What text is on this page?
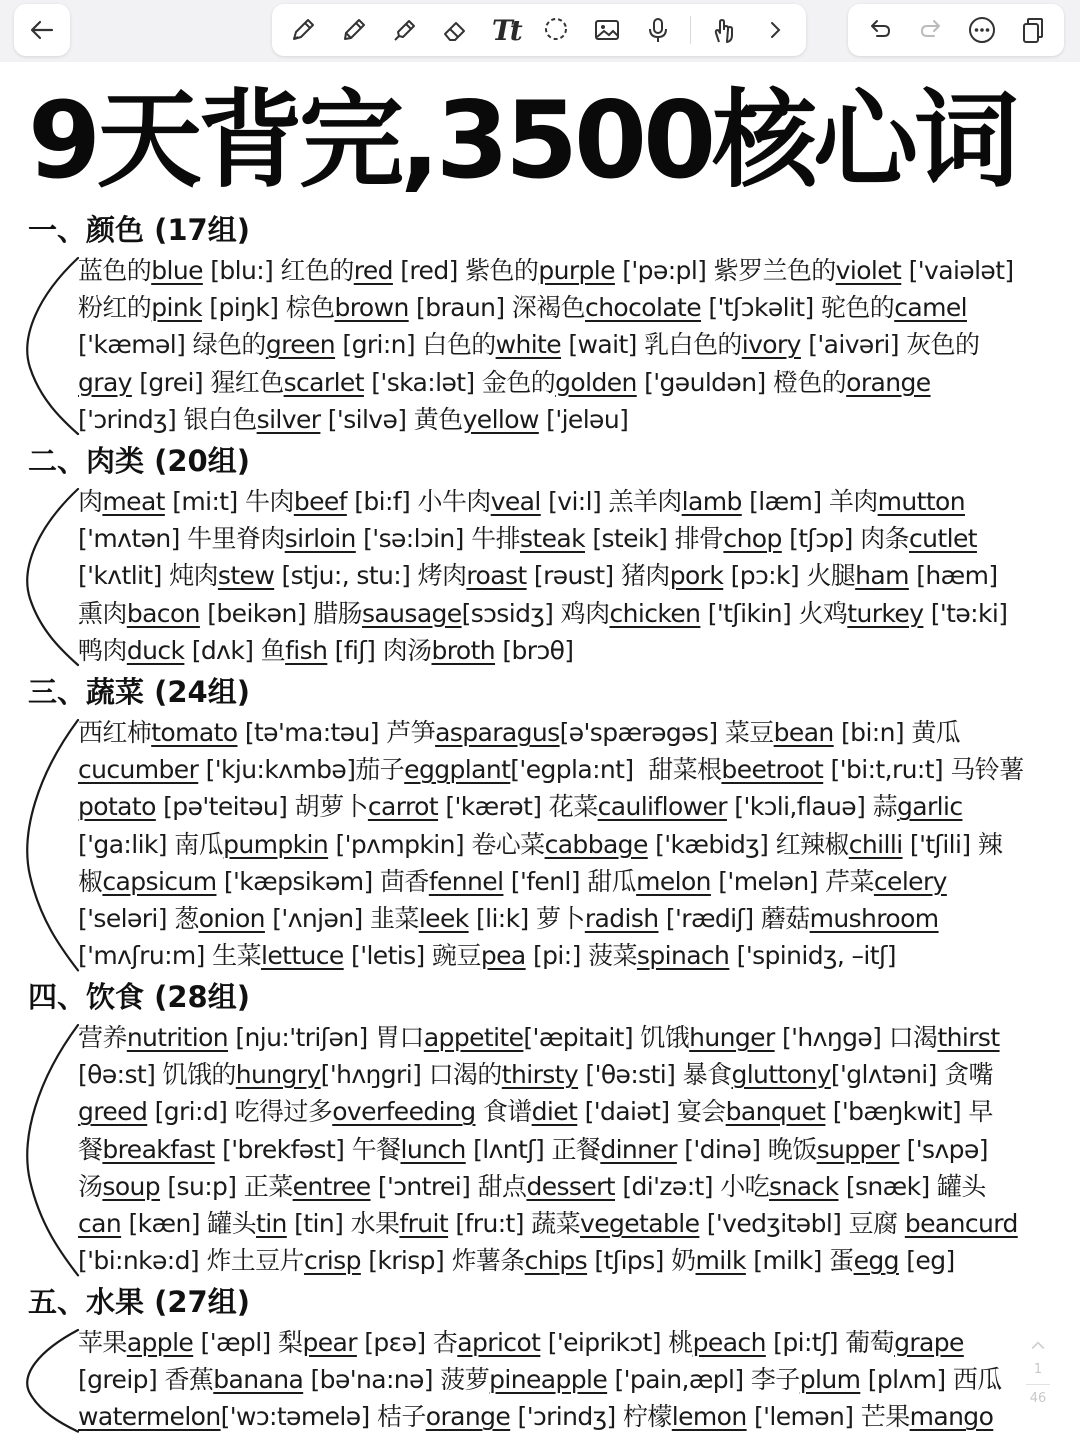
Tt
9天背完,3500核心词
一、颜色 (17组)
蓝色的blue [blu:] 红色的red [red] 紫色的purple ['pə:pl] 紫罗兰色的violet ['vaiələt]
粉红的pink [piŋk] 棕色brown [braun] 深褐色chocolate ['tʃɔkəlit] 驼色的camel
['kæməl] 绿色的green [gri:n] 白色的white [wait] 乳白色的ivory ['aivəri] 灰色的
gray [grei] 猩红色scarlet ['ska:lət] 金色的golden ['gəuldən] 橙色的orange
['ɔrindʒ] 银白色silver ['silvə] 黄色yellow ['jeləu]
二、肉类 (20组)
肉meat [mi:t] 牛肉beef [bi:f] 小牛肉veal [vi:l] 羔羊肉lamb [læm] 羊肉mutton
['mʌtən] 牛里脊肉sirloin ['sə:lɔin] 牛排steak [steik] 排骨chop [tʃɔp] 肉条cutlet
['kʌtlit] 炖肉stew [stju:, stu:] 烤肉roast [rəust] 猪肉pork [pɔ:k] 火腿ham [hæm]
熏肉bacon [beikən] 腊肠sausage[sɔsidʒ] 鸡肉chicken ['tʃikin] 火鸡turkey ['tə:ki]
鸭肉duck [dʌk] 鱼fish [fiʃ] 肉汤broth [brɔθ]
三、蔬菜 (24组)
西红柿tomato [tə'ma:təu] 芦笋asparagus[ə'spærəgəs] 菜豆bean [bi:n] 黄瓜
cucumber ['kju:kʌmbə]茄子eggplant['egpla:nt]  甜菜根beetroot ['bi:t,ru:t] 马铃薯
potato [pə'teitəu] 胡萝卜carrot ['kærət] 花菜cauliflower ['kɔli,flauə] 蒜garlic
['ga:lik] 南瓜pumpkin ['pʌmpkin] 卷心菜cabbage ['kæbidʒ] 红辣椒chilli ['tʃili] 辣
椒capsicum ['kæpsikəm] 茴香fennel ['fenl] 甜瓜melon ['melən] 芹菜celery
['seləri] 葱onion ['ʌnjən] 韭菜leek [li:k] 萝卜radish ['rædiʃ] 蘑菇mushroom
['mʌʃru:m] 生菜lettuce ['letis] 豌豆pea [pi:] 菠菜spinach ['spinidʒ, –itʃ]
四、饮食 (28组)
营养nutrition [nju:'triʃən] 胃口appetite['æpitait] 饥饿hunger ['hʌŋgə] 口渴thirst
[θə:st] 饥饿的hungry['hʌŋgri] 口渴的thirsty ['θə:sti] 暴食gluttony['glʌtəni] 贪嘴
greed [gri:d] 吃得过多overfeeding 食谱diet ['daiət] 宴会banquet ['bæŋkwit] 早
餐breakfast ['brekfəst] 午餐lunch [lʌntʃ] 正餐dinner ['dinə] 晚饭supper ['sʌpə]
汤soup [su:p] 正菜entree ['ɔntrei] 甜点dessert [di'zə:t] 小吃snack [snæk] 罐头
can [kæn] 罐头tin [tin] 水果fruit [fru:t] 蔬菜vegetable ['vedʒitəbl] 豆腐 beancurd
['bi:nkə:d] 炸土豆片crisp [krisp] 炸薯条chips [tʃips] 奶milk [milk] 蛋egg [eg]
五、水果 (27组)
苹果apple ['æpl] 梨pear [pɛə] 杏apricot ['eiprikɔt] 桃peach [pi:tʃ] 葡萄grape
[greip] 香蕉banana [bə'na:nə] 菠萝pineapple ['pain,æpl] 李子plum [plʌm] 西瓜
watermelon['wɔ:təmelə] 桔子orange ['ɔrindʒ] 柠檬lemon ['lemən] 芒果mango
1
46
